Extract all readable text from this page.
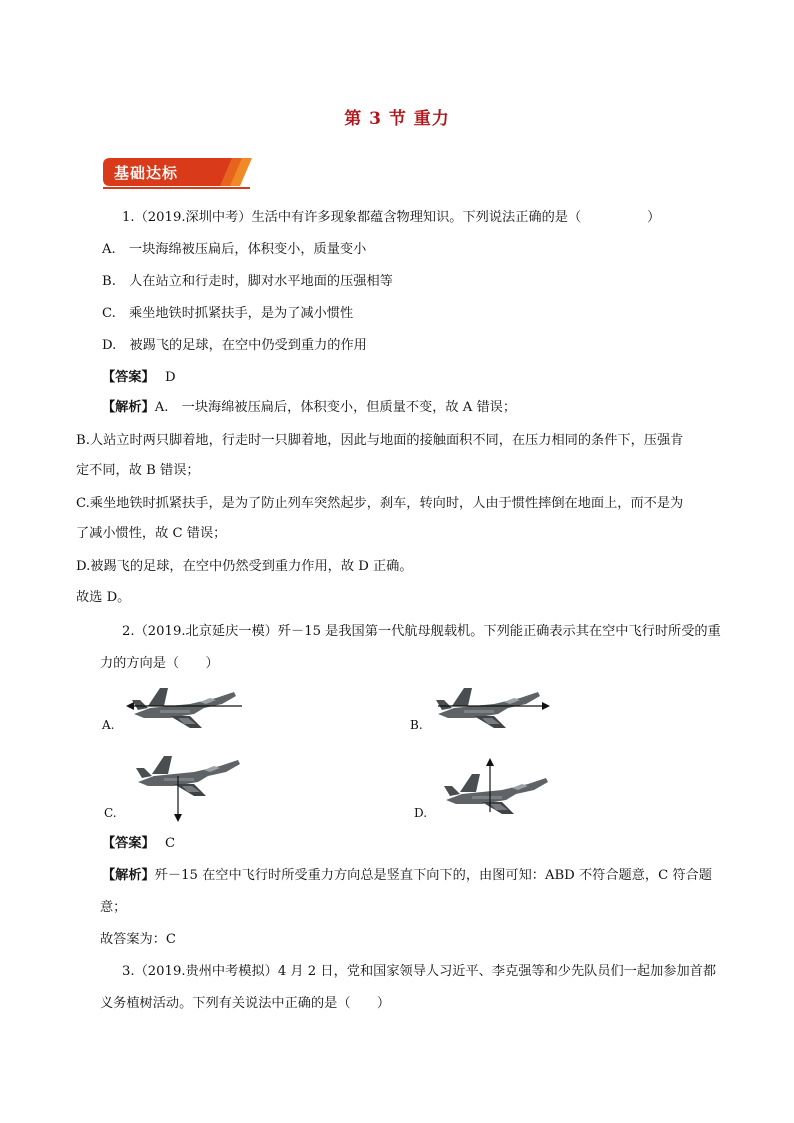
第 3 节 重力
基础达标
1.（2019.深圳中考）生活中有许多现象都蕴含物理知识。下列说法正确的是（　　　　　）
A.　一块海绵被压扁后，体积变小，质量变小
B.　人在站立和行走时，脚对水平地面的压强相等
C.　乘坐地铁时抓紧扶手，是为了减小惯性
D.　被踢飞的足球，在空中仍受到重力的作用
【答案】 D
【解析】A.　一块海绵被压扁后，体积变小，但质量不变，故 A 错误；
B.人站立时两只脚着地，行走时一只脚着地，因此与地面的接触面积不同，在压力相同的条件下，压强肯
定不同，故 B 错误；
C.乘坐地铁时抓紧扶手，是为了防止列车突然起步，刹车，转向时，人由于惯性摔倒在地面上，而不是为
了减小惯性，故 C 错误；
D.被踢飞的足球，在空中仍然受到重力作用，故 D 正确。
故选 D。
2.（2019.北京延庆一模）歼－15 是我国第一代航母舰载机。下列能正确表示其在空中飞行时所受的重
力的方向是（　　）
A.	B.
C.	D.
【答案】 C
【解析】歼－15 在空中飞行时所受重力方向总是竖直下向下的，由图可知：ABD 不符合题意，C 符合题
意；
故答案为：C
3.（2019.贵州中考模拟）4 月 2 日，党和国家领导人习近平、李克强等和少先队员们一起加参加首都
义务植树活动。下列有关说法中正确的是（　　）
